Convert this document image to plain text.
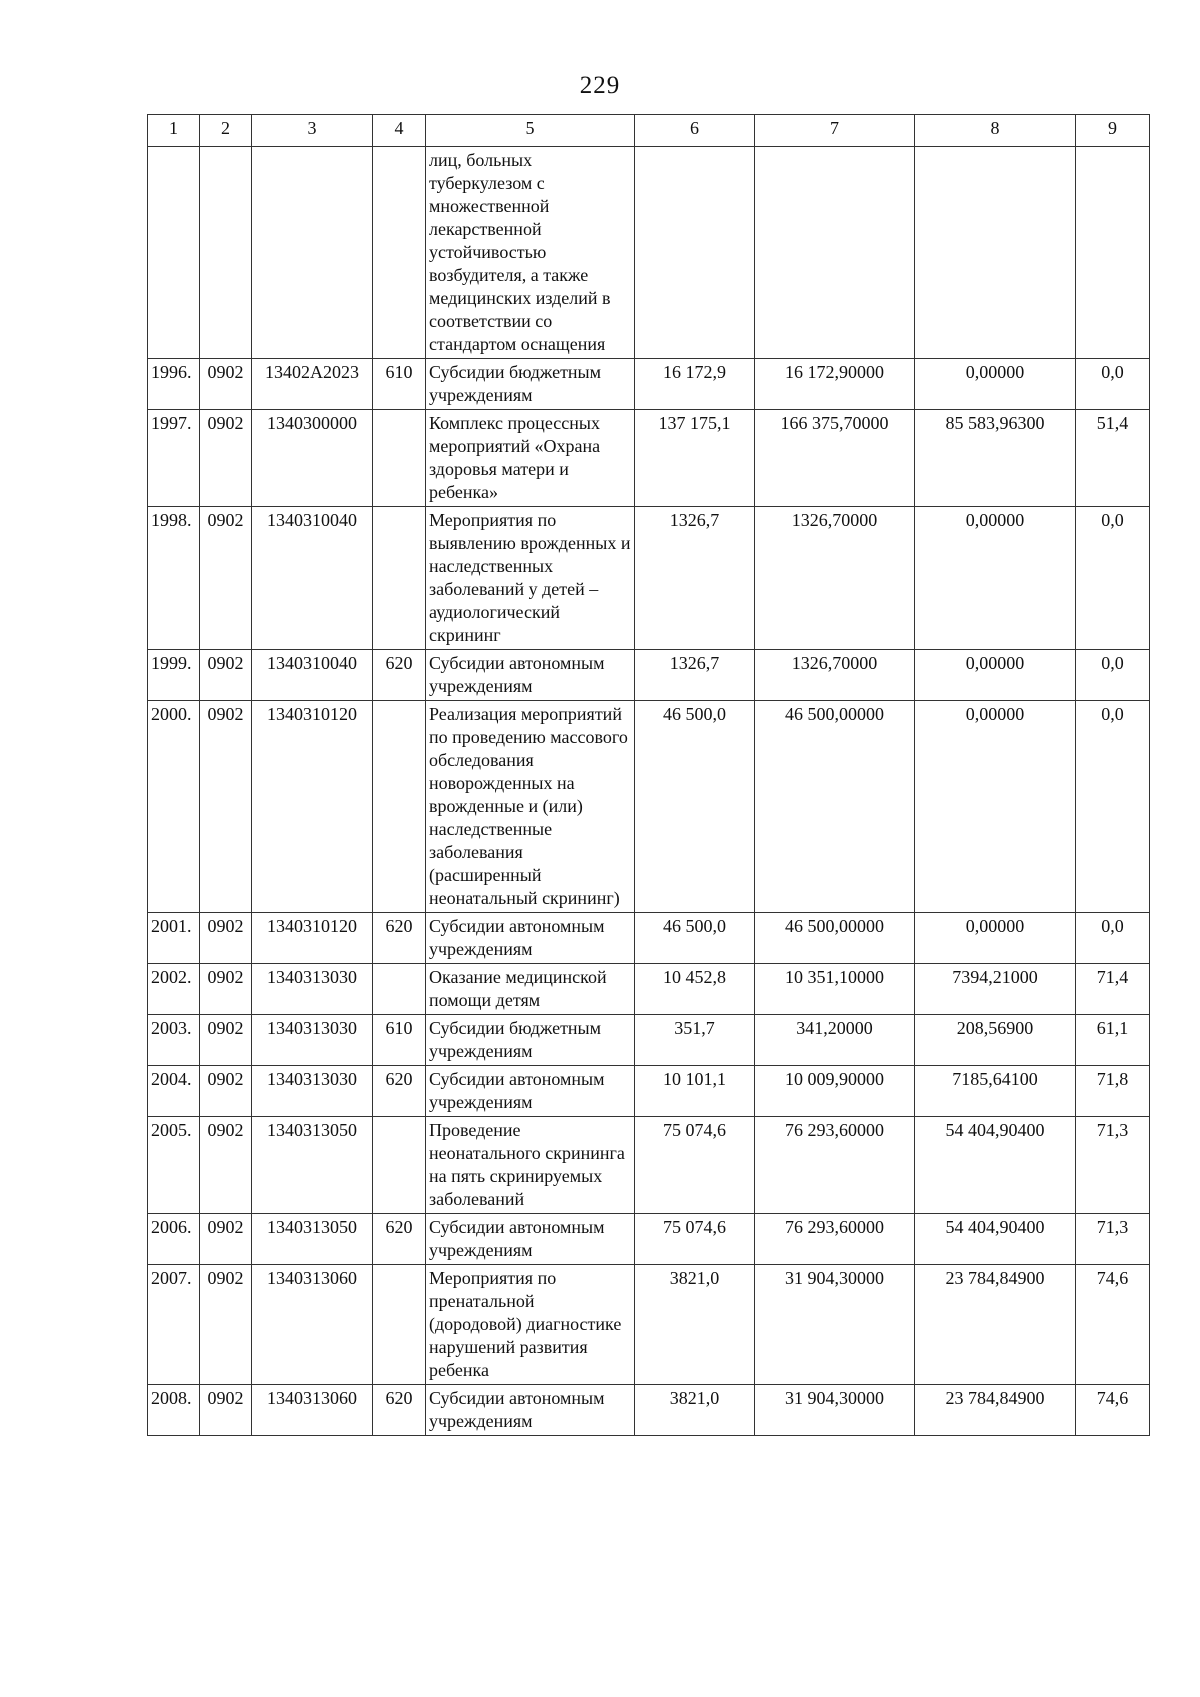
229
1	2	3	4	5	6	7	8	9
				лиц, больных туберкулезом с множественной лекарственной устойчивостью возбудителя, а также медицинских изделий в соответствии со стандартом оснащения				
1996.	0902	13402А2023	610	Субсидии бюджетным учреждениям	16 172,9	16 172,90000	0,00000	0,0
1997.	0902	1340300000		Комплекс процессных мероприятий «Охрана здоровья матери и ребенка»	137 175,1	166 375,70000	85 583,96300	51,4
1998.	0902	1340310040		Мероприятия по выявлению врожденных и наследственных заболеваний у детей – аудиологический скрининг	1326,7	1326,70000	0,00000	0,0
1999.	0902	1340310040	620	Субсидии автономным учреждениям	1326,7	1326,70000	0,00000	0,0
2000.	0902	1340310120		Реализация мероприятий по проведению массового обследования новорожденных на врожденные и (или) наследственные заболевания (расширенный неонатальный скрининг)	46 500,0	46 500,00000	0,00000	0,0
2001.	0902	1340310120	620	Субсидии автономным учреждениям	46 500,0	46 500,00000	0,00000	0,0
2002.	0902	1340313030		Оказание медицинской помощи детям	10 452,8	10 351,10000	7394,21000	71,4
2003.	0902	1340313030	610	Субсидии бюджетным учреждениям	351,7	341,20000	208,56900	61,1
2004.	0902	1340313030	620	Субсидии автономным учреждениям	10 101,1	10 009,90000	7185,64100	71,8
2005.	0902	1340313050		Проведение неонатального скрининга на пять скринируемых заболеваний	75 074,6	76 293,60000	54 404,90400	71,3
2006.	0902	1340313050	620	Субсидии автономным учреждениям	75 074,6	76 293,60000	54 404,90400	71,3
2007.	0902	1340313060		Мероприятия по пренатальной (дородовой) диагностике нарушений развития ребенка	3821,0	31 904,30000	23 784,84900	74,6
2008.	0902	1340313060	620	Субсидии автономным учреждениям	3821,0	31 904,30000	23 784,84900	74,6
